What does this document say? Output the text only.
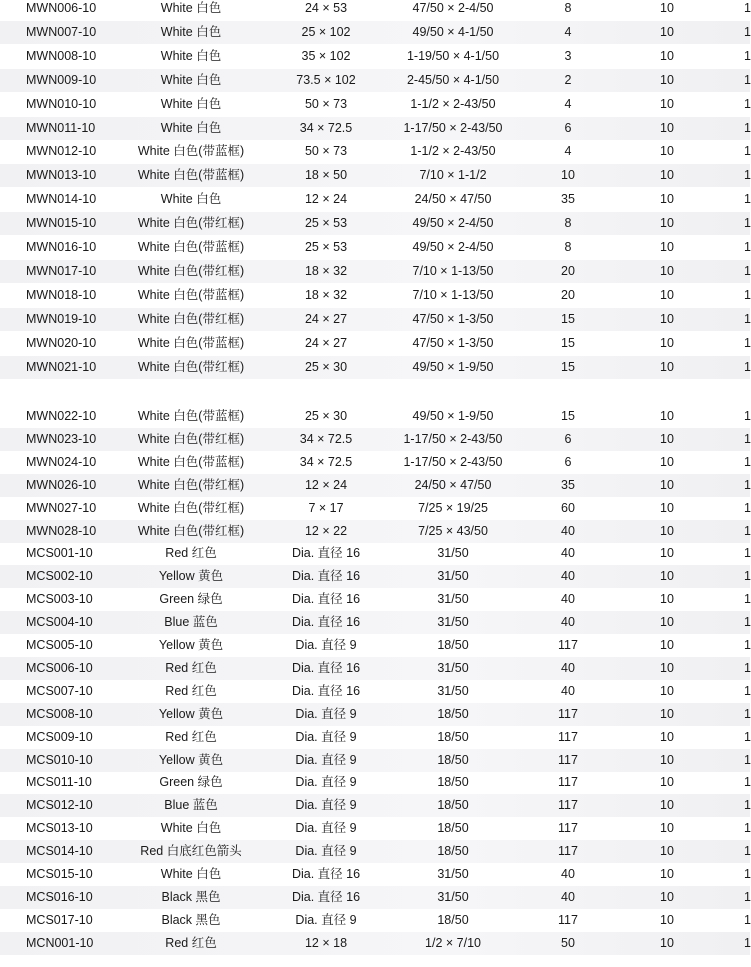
MWN006-10	White 白色	24 × 53	47/50 × 2-4/50	8	10	1
MWN007-10	White 白色	25 × 102	49/50 × 4-1/50	4	10	1
MWN008-10	White 白色	35 × 102	1-19/50 × 4-1/50	3	10	1
MWN009-10	White 白色	73.5 × 102	2-45/50 × 4-1/50	2	10	1
MWN010-10	White 白色	50 × 73	1-1/2 × 2-43/50	4	10	1
MWN011-10	White 白色	34 × 72.5	1-17/50 × 2-43/50	6	10	1
MWN012-10	White 白色(带蓝框)	50 × 73	1-1/2 × 2-43/50	4	10	1
MWN013-10	White 白色(带蓝框)	18 × 50	7/10 × 1-1/2	10	10	1
MWN014-10	White 白色	12 × 24	24/50 × 47/50	35	10	1
MWN015-10	White 白色(带红框)	25 × 53	49/50 × 2-4/50	8	10	1
MWN016-10	White 白色(带蓝框)	25 × 53	49/50 × 2-4/50	8	10	1
MWN017-10	White 白色(带红框)	18 × 32	7/10 × 1-13/50	20	10	1
MWN018-10	White 白色(带蓝框)	18 × 32	7/10 × 1-13/50	20	10	1
MWN019-10	White 白色(带红框)	24 × 27	47/50 × 1-3/50	15	10	1
MWN020-10	White 白色(带蓝框)	24 × 27	47/50 × 1-3/50	15	10	1
MWN021-10	White 白色(带红框)	25 × 30	49/50 × 1-9/50	15	10	1
MWN022-10	White 白色(带蓝框)	25 × 30	49/50 × 1-9/50	15	10	1
MWN023-10	White 白色(带红框)	34 × 72.5	1-17/50 × 2-43/50	6	10	1
MWN024-10	White 白色(带蓝框)	34 × 72.5	1-17/50 × 2-43/50	6	10	1
MWN026-10	White 白色(带红框)	12 × 24	24/50 × 47/50	35	10	1
MWN027-10	White 白色(带红框)	7 × 17	7/25 × 19/25	60	10	1
MWN028-10	White 白色(带红框)	12 × 22	7/25 × 43/50	40	10	1
MCS001-10	Red 红色	Dia. 直径 16	31/50	40	10	1
MCS002-10	Yellow 黄色	Dia. 直径 16	31/50	40	10	1
MCS003-10	Green 绿色	Dia. 直径 16	31/50	40	10	1
MCS004-10	Blue 蓝色	Dia. 直径 16	31/50	40	10	1
MCS005-10	Yellow 黄色	Dia. 直径 9	18/50	117	10	1
MCS006-10	Red 红色	Dia. 直径 16	31/50	40	10	1
MCS007-10	Red 红色	Dia. 直径 16	31/50	40	10	1
MCS008-10	Yellow 黄色	Dia. 直径 9	18/50	117	10	1
MCS009-10	Red 红色	Dia. 直径 9	18/50	117	10	1
MCS010-10	Yellow 黄色	Dia. 直径 9	18/50	117	10	1
MCS011-10	Green 绿色	Dia. 直径 9	18/50	117	10	1
MCS012-10	Blue 蓝色	Dia. 直径 9	18/50	117	10	1
MCS013-10	White 白色	Dia. 直径 9	18/50	117	10	1
MCS014-10	Red 白底红色箭头	Dia. 直径 9	18/50	117	10	1
MCS015-10	White 白色	Dia. 直径 16	31/50	40	10	1
MCS016-10	Black 黑色	Dia. 直径 16	31/50	40	10	1
MCS017-10	Black 黑色	Dia. 直径 9	18/50	117	10	1
MCN001-10	Red 红色	12 × 18	1/2 × 7/10	50	10	1
